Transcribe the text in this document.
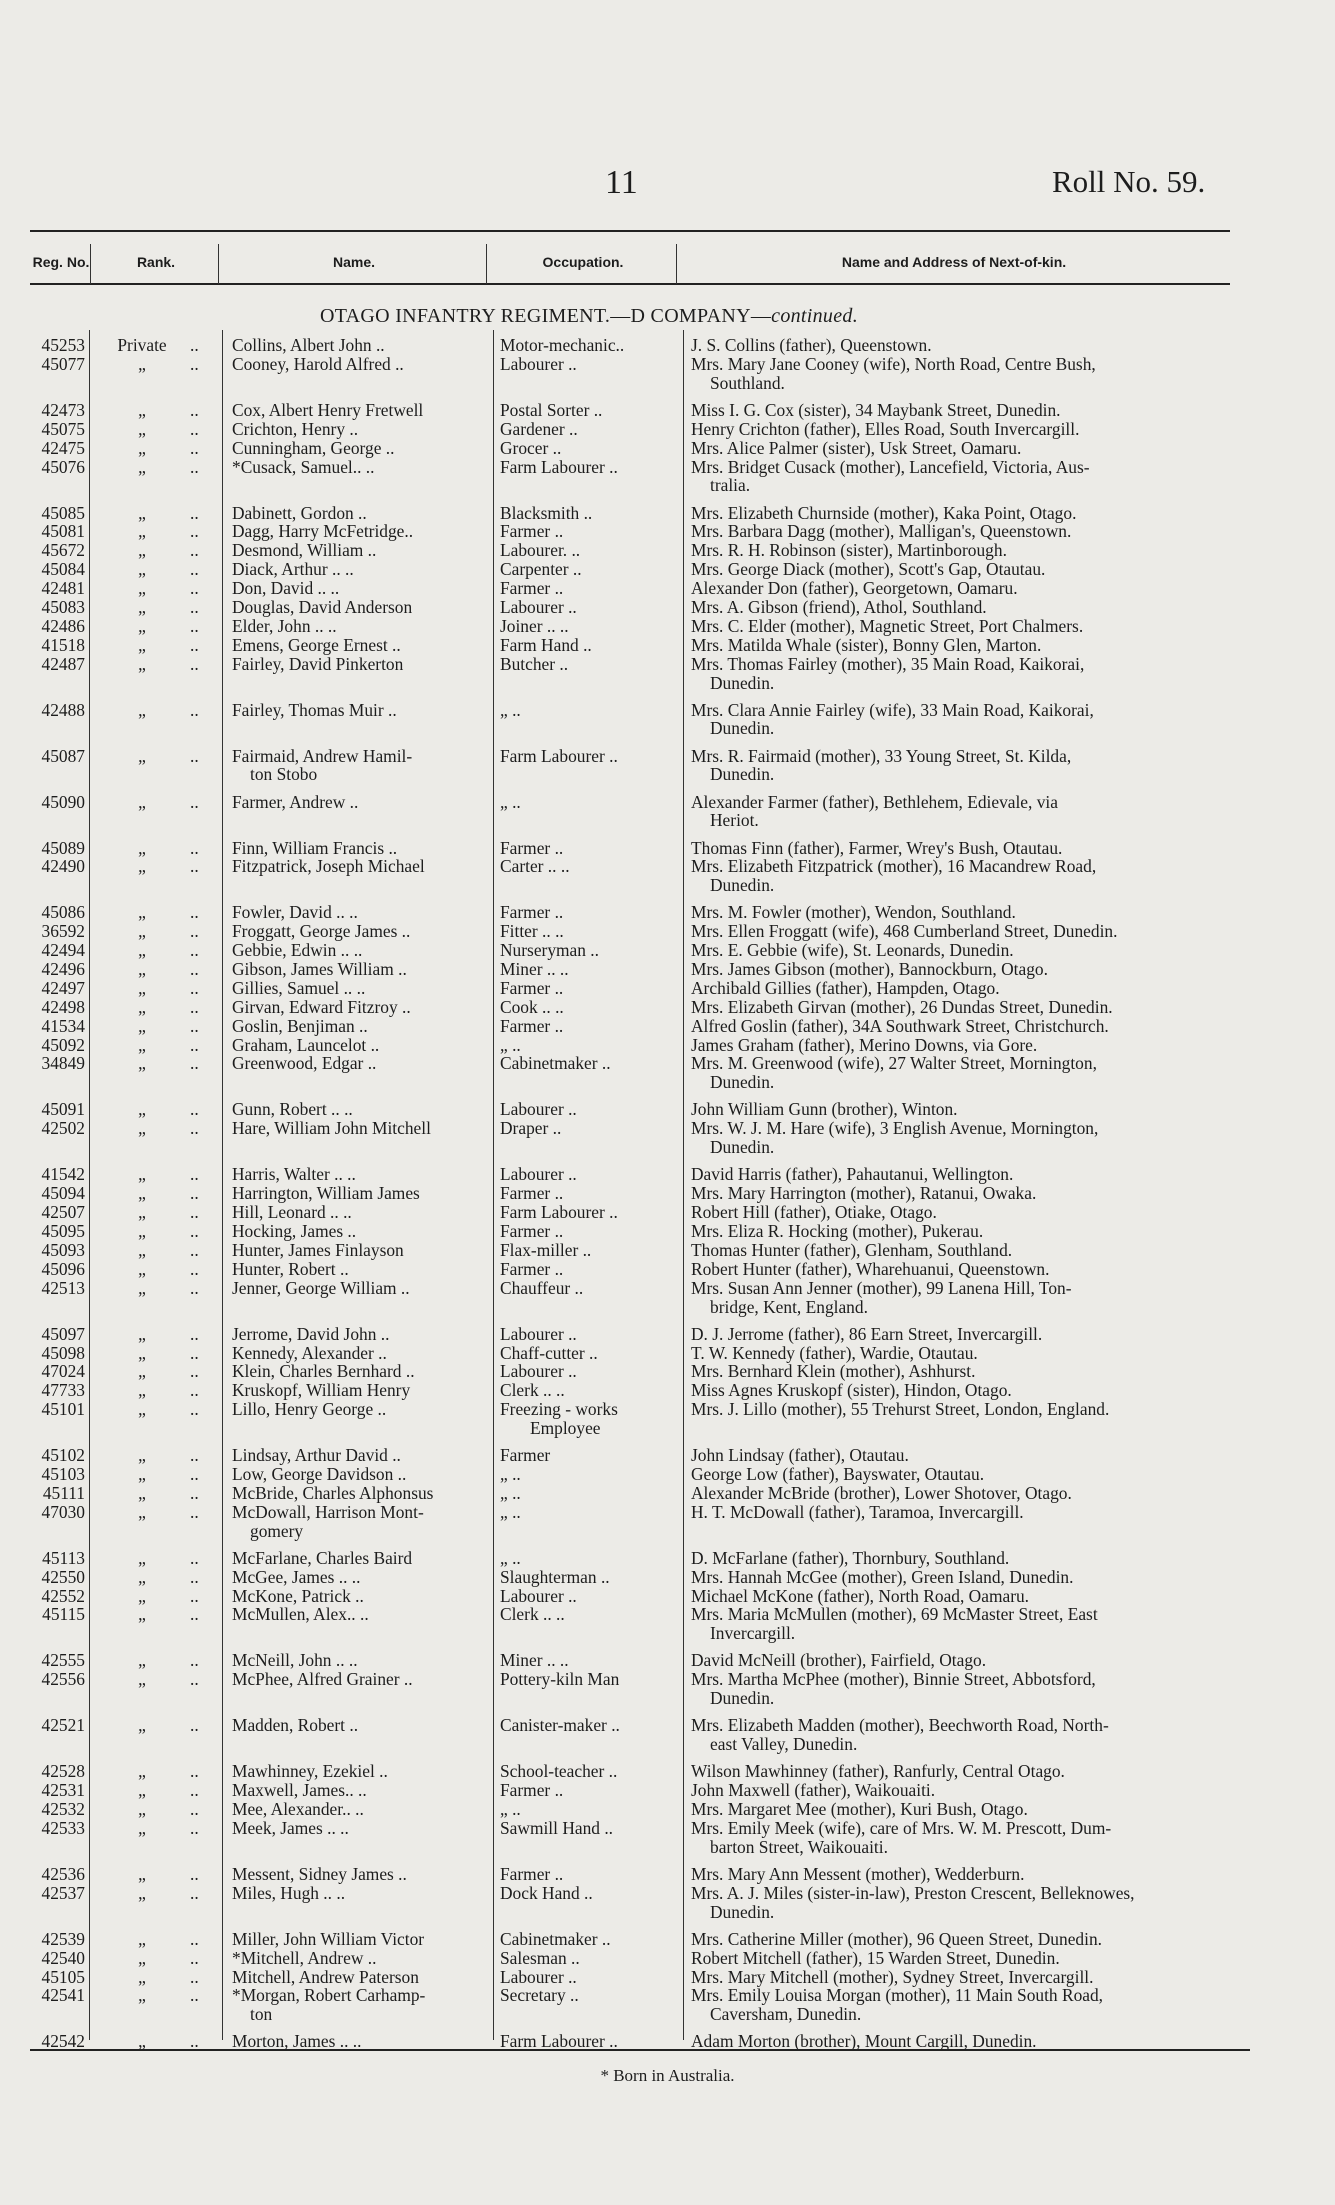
11	Roll No. 59.
Reg. No.	Rank.	Name.	Occupation.	Name and Address of Next-of-kin.
OTAGO INFANTRY REGIMENT.—D COMPANY—continued.
45253	Private	.. Collins, Albert John ..	Motor-mechanic..	J. S. Collins (father), Queenstown.
45077	„	.. Cooney, Harold Alfred ..	Labourer ..	Mrs. Mary Jane Cooney (wife), North Road, Centre Bush,
Southland.
42473	„	.. Cox, Albert Henry Fretwell	Postal Sorter ..	Miss I. G. Cox (sister), 34 Maybank Street, Dunedin.
45075	„	.. Crichton, Henry ..	Gardener ..	Henry Crichton (father), Elles Road, South Invercargill.
42475	„	.. Cunningham, George ..	Grocer ..	Mrs. Alice Palmer (sister), Usk Street, Oamaru.
45076	„	.. *Cusack, Samuel.. ..	Farm Labourer ..	Mrs. Bridget Cusack (mother), Lancefield, Victoria, Aus-
tralia.
45085	„	.. Dabinett, Gordon ..	Blacksmith ..	Mrs. Elizabeth Churnside (mother), Kaka Point, Otago.
45081	„	.. Dagg, Harry McFetridge..	Farmer ..	Mrs. Barbara Dagg (mother), Malligan's, Queenstown.
45672	„	.. Desmond, William ..	Labourer. ..	Mrs. R. H. Robinson (sister), Martinborough.
45084	„	.. Diack, Arthur .. ..	Carpenter ..	Mrs. George Diack (mother), Scott's Gap, Otautau.
42481	„	.. Don, David .. ..	Farmer ..	Alexander Don (father), Georgetown, Oamaru.
45083	„	.. Douglas, David Anderson	Labourer ..	Mrs. A. Gibson (friend), Athol, Southland.
42486	„	.. Elder, John .. ..	Joiner .. ..	Mrs. C. Elder (mother), Magnetic Street, Port Chalmers.
41518	„	.. Emens, George Ernest ..	Farm Hand ..	Mrs. Matilda Whale (sister), Bonny Glen, Marton.
42487	„	.. Fairley, David Pinkerton	Butcher ..	Mrs. Thomas Fairley (mother), 35 Main Road, Kaikorai,
Dunedin.
42488	„	.. Fairley, Thomas Muir ..	„ ..	Mrs. Clara Annie Fairley (wife), 33 Main Road, Kaikorai,
Dunedin.
45087	„	.. Fairmaid, Andrew Hamil-	Farm Labourer ..	Mrs. R. Fairmaid (mother), 33 Young Street, St. Kilda,
ton Stobo	Dunedin.
45090	„	.. Farmer, Andrew ..	„ ..	Alexander Farmer (father), Bethlehem, Edievale, via
Heriot.
45089	„	.. Finn, William Francis ..	Farmer ..	Thomas Finn (father), Farmer, Wrey's Bush, Otautau.
42490	„	.. Fitzpatrick, Joseph Michael	Carter .. ..	Mrs. Elizabeth Fitzpatrick (mother), 16 Macandrew Road,
Dunedin.
45086	„	.. Fowler, David .. ..	Farmer ..	Mrs. M. Fowler (mother), Wendon, Southland.
36592	„	.. Froggatt, George James ..	Fitter .. ..	Mrs. Ellen Froggatt (wife), 468 Cumberland Street, Dunedin.
42494	„	.. Gebbie, Edwin .. ..	Nurseryman ..	Mrs. E. Gebbie (wife), St. Leonards, Dunedin.
42496	„	.. Gibson, James William ..	Miner .. ..	Mrs. James Gibson (mother), Bannockburn, Otago.
42497	„	.. Gillies, Samuel .. ..	Farmer ..	Archibald Gillies (father), Hampden, Otago.
42498	„	.. Girvan, Edward Fitzroy ..	Cook .. ..	Mrs. Elizabeth Girvan (mother), 26 Dundas Street, Dunedin.
41534	„	.. Goslin, Benjiman ..	Farmer ..	Alfred Goslin (father), 34A Southwark Street, Christchurch.
45092	„	.. Graham, Launcelot ..	„ ..	James Graham (father), Merino Downs, via Gore.
34849	„	.. Greenwood, Edgar ..	Cabinetmaker ..	Mrs. M. Greenwood (wife), 27 Walter Street, Mornington,
Dunedin.
45091	„	.. Gunn, Robert .. ..	Labourer ..	John William Gunn (brother), Winton.
42502	„	.. Hare, William John Mitchell	Draper ..	Mrs. W. J. M. Hare (wife), 3 English Avenue, Mornington,
Dunedin.
41542	„	.. Harris, Walter .. ..	Labourer ..	David Harris (father), Pahautanui, Wellington.
45094	„	.. Harrington, William James	Farmer ..	Mrs. Mary Harrington (mother), Ratanui, Owaka.
42507	„	.. Hill, Leonard .. ..	Farm Labourer ..	Robert Hill (father), Otiake, Otago.
45095	„	.. Hocking, James ..	Farmer ..	Mrs. Eliza R. Hocking (mother), Pukerau.
45093	„	.. Hunter, James Finlayson	Flax-miller ..	Thomas Hunter (father), Glenham, Southland.
45096	„	.. Hunter, Robert ..	Farmer ..	Robert Hunter (father), Wharehuanui, Queenstown.
42513	„	.. Jenner, George William ..	Chauffeur ..	Mrs. Susan Ann Jenner (mother), 99 Lanena Hill, Ton-
bridge, Kent, England.
45097	„	.. Jerrome, David John ..	Labourer ..	D. J. Jerrome (father), 86 Earn Street, Invercargill.
45098	„	.. Kennedy, Alexander ..	Chaff-cutter ..	T. W. Kennedy (father), Wardie, Otautau.
47024	„	.. Klein, Charles Bernhard ..	Labourer ..	Mrs. Bernhard Klein (mother), Ashhurst.
47733	„	.. Kruskopf, William Henry	Clerk .. ..	Miss Agnes Kruskopf (sister), Hindon, Otago.
45101	„	.. Lillo, Henry George ..	Freezing - works	Mrs. J. Lillo (mother), 55 Trehurst Street, London, England.
Employee
45102	„	.. Lindsay, Arthur David ..	Farmer	John Lindsay (father), Otautau.
45103	„	.. Low, George Davidson ..	„ ..	George Low (father), Bayswater, Otautau.
45111	„	.. McBride, Charles Alphonsus	„ ..	Alexander McBride (brother), Lower Shotover, Otago.
47030	„	.. McDowall, Harrison Mont-	„ ..	H. T. McDowall (father), Taramoa, Invercargill.
gomery
45113	„	.. McFarlane, Charles Baird	„ ..	D. McFarlane (father), Thornbury, Southland.
42550	„	.. McGee, James .. ..	Slaughterman ..	Mrs. Hannah McGee (mother), Green Island, Dunedin.
42552	„	.. McKone, Patrick ..	Labourer ..	Michael McKone (father), North Road, Oamaru.
45115	„	.. McMullen, Alex.. ..	Clerk .. ..	Mrs. Maria McMullen (mother), 69 McMaster Street, East
Invercargill.
42555	„	.. McNeill, John .. ..	Miner .. ..	David McNeill (brother), Fairfield, Otago.
42556	„	.. McPhee, Alfred Grainer ..	Pottery-kiln Man	Mrs. Martha McPhee (mother), Binnie Street, Abbotsford,
Dunedin.
42521	„	.. Madden, Robert ..	Canister-maker ..	Mrs. Elizabeth Madden (mother), Beechworth Road, North-
east Valley, Dunedin.
42528	„	.. Mawhinney, Ezekiel ..	School-teacher ..	Wilson Mawhinney (father), Ranfurly, Central Otago.
42531	„	.. Maxwell, James.. ..	Farmer ..	John Maxwell (father), Waikouaiti.
42532	„	.. Mee, Alexander.. ..	„ ..	Mrs. Margaret Mee (mother), Kuri Bush, Otago.
42533	„	.. Meek, James .. ..	Sawmill Hand ..	Mrs. Emily Meek (wife), care of Mrs. W. M. Prescott, Dum-
barton Street, Waikouaiti.
42536	„	.. Messent, Sidney James ..	Farmer ..	Mrs. Mary Ann Messent (mother), Wedderburn.
42537	„	.. Miles, Hugh .. ..	Dock Hand ..	Mrs. A. J. Miles (sister-in-law), Preston Crescent, Belleknowes,
Dunedin.
42539	„	.. Miller, John William Victor	Cabinetmaker ..	Mrs. Catherine Miller (mother), 96 Queen Street, Dunedin.
42540	„	.. *Mitchell, Andrew ..	Salesman ..	Robert Mitchell (father), 15 Warden Street, Dunedin.
45105	„	.. Mitchell, Andrew Paterson	Labourer ..	Mrs. Mary Mitchell (mother), Sydney Street, Invercargill.
42541	„	.. *Morgan, Robert Carhamp-	Secretary ..	Mrs. Emily Louisa Morgan (mother), 11 Main South Road,
ton	Caversham, Dunedin.
42542	„	.. Morton, James .. ..	Farm Labourer ..	Adam Morton (brother), Mount Cargill, Dunedin.
* Born in Australia.
